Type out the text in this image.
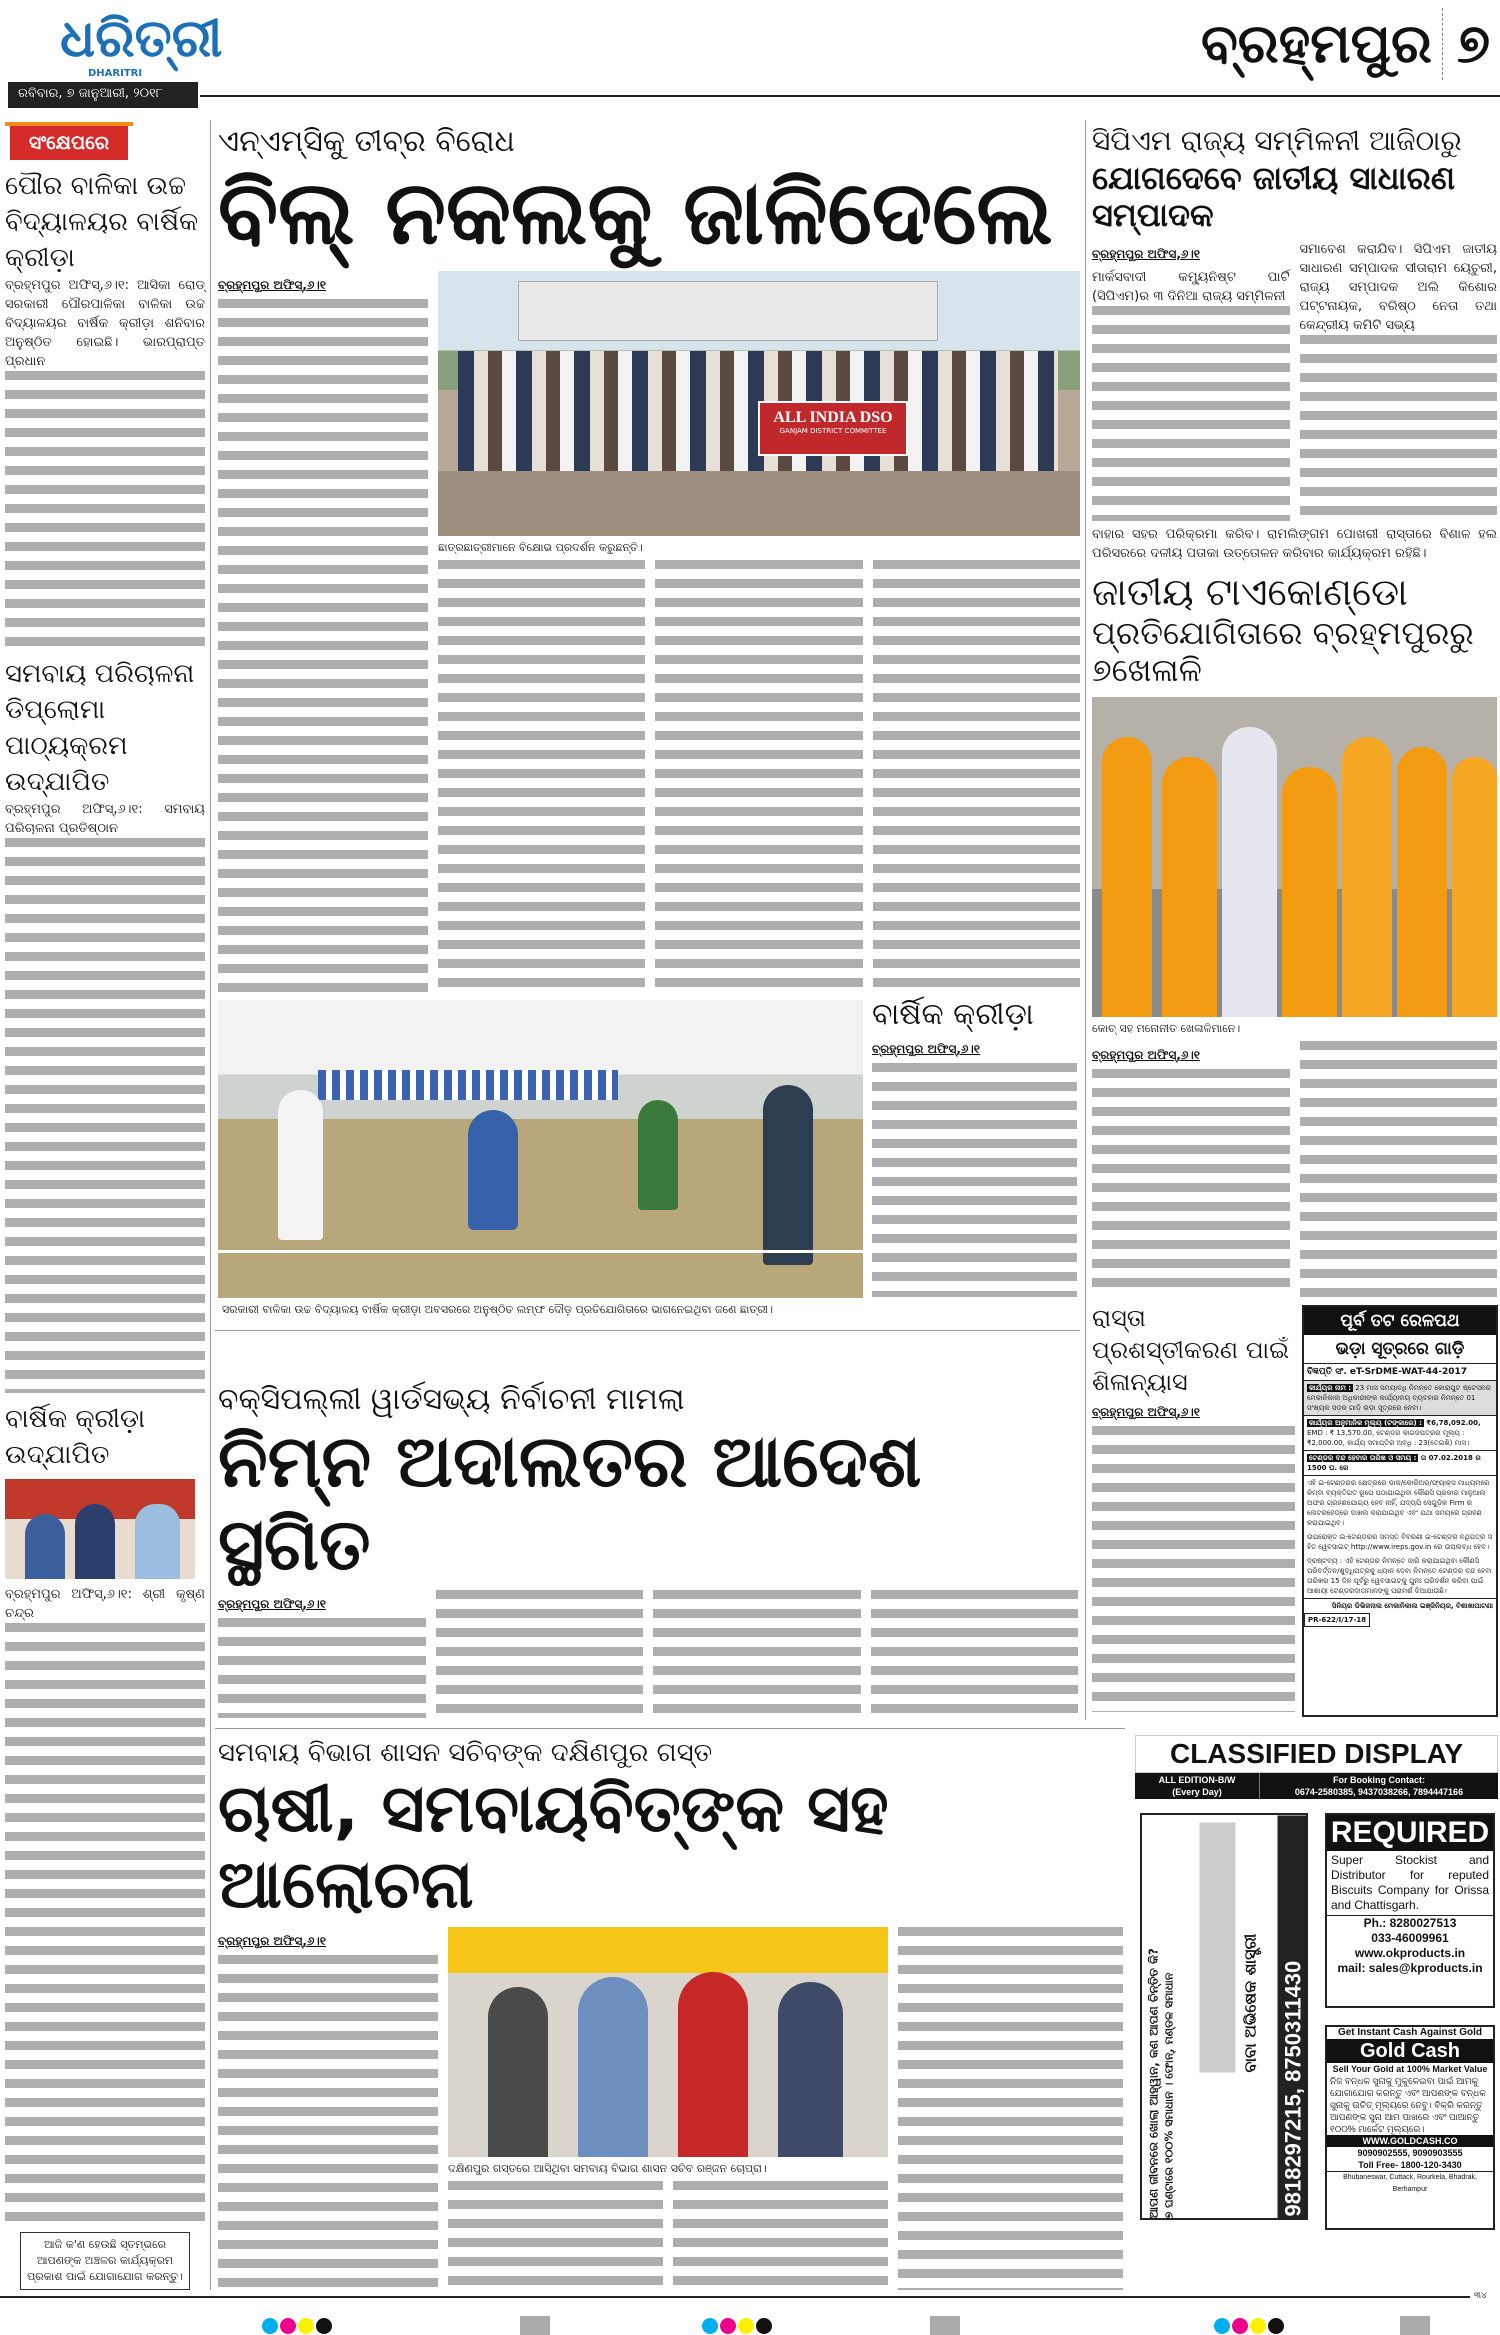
ଧରିତ୍ରୀ
DHARITRI
ରବିବାର, ୭ ଜାନୁଆରୀ, ୨୦୧୮
ବ୍ରହ୍ମପୁର ୭
ସଂକ୍ଷେପରେ
ପୌର ବାଳିକା ଉଚ୍ଚ ବିଦ୍ୟାଳୟର ବାର୍ଷିକ କ୍ରୀଡ଼ା
ବ୍ରହ୍ମପୁର ଅଫିସ୍,୬।୧: ଆସିକା ରୋଡ୍ ସରକାରୀ ପୌରପାଳିକା ବାଳିକା ଉଚ୍ଚ ବିଦ୍ୟାଳୟର ବାର୍ଷିକ କ୍ରୀଡ଼ା ଶନିବାର ଅନୁଷ୍ଠିତ ହୋଇଛି। ଭାରପ୍ରାପ୍ତ ପ୍ରଧାନ
ସମବାୟ ପରିଚାଳନା ଡିପ୍ଲୋମା ପାଠ୍ୟକ୍ରମ ଉଦ୍‌ଯାପିତ
ବ୍ରହ୍ମପୁର ଅଫିସ୍,୬।୧: ସମବାୟ ପରିଚାଳନା ପ୍ରତିଷ୍ଠାନ
ବାର୍ଷିକ କ୍ରୀଡ଼ା ଉଦ୍‌ଯାପିତ
ବ୍ରହ୍ମପୁର ଅଫିସ୍,୬।୧: ଶ୍ରୀ କୃଷ୍ଣ ଚନ୍ଦ୍ର
ଆଜି କ'ଣ ହେଉଛି ସ୍ତମ୍ଭରେ ଆପଣଙ୍କ ଅଞ୍ଚଳର କାର୍ଯ୍ୟକ୍ରମ ପ୍ରକାଶ ପାଇଁ ଯୋଗାଯୋଗ କରନ୍ତୁ।
ଏନ୍‌ଏମ୍‌ସିକୁ ତୀବ୍ର ବିରୋଧ
ବିଲ୍ ନକଲକୁ ଜାଳିଦେଲେ
ବ୍ରହ୍ମପୁର ଅଫିସ୍,୬।୧
ALL INDIA DSO
GANJAM DISTRICT COMMITTEE
ଛାତ୍ରଛାତ୍ରୀମାନେ ବିକ୍ଷୋଭ ପ୍ରଦର୍ଶନ କରୁଛନ୍ତି।
ସରକାରୀ ବାଳିକା ଉଚ୍ଚ ବିଦ୍ୟାଳୟ ବାର୍ଷିକ କ୍ରୀଡ଼ା ଅବସରରେ ଅନୁଷ୍ଠିତ ଲମ୍ଫ ଦୌଡ଼ ପ୍ରତିଯୋଗିତାରେ ଭାଗନେଇଥିବା ଜଣେ ଛାତ୍ରୀ।
ବାର୍ଷିକ କ୍ରୀଡ଼ା
ବ୍ରହ୍ମପୁର ଅଫିସ୍,୬।୧
ବକ୍ସିପଲ୍ଲୀ ୱାର୍ଡସଭ୍ୟ ନିର୍ବାଚନୀ ମାମଲା
ନିମ୍ନ ଅଦାଲତର ଆଦେଶ ସ୍ଥଗିତ
ବ୍ରହ୍ମପୁର ଅଫିସ୍,୬।୧
ସମବାୟ ବିଭାଗ ଶାସନ ସଚିବଙ୍କ ଦକ୍ଷିଣପୁର ଗସ୍ତ
ଚାଷୀ, ସମବାୟବିତ୍‌ଙ୍କ ସହ ଆଲୋଚନା
ବ୍ରହ୍ମପୁର ଅଫିସ୍,୬।୧
ଦକ୍ଷିଣପୁର ଗସ୍ତରେ ଆସିଥିବା ସମବାୟ ବିଭାଗ ଶାସନ ସଚିବ ରଞ୍ଜନ ଚୋପ୍ରା।
ସିପିଏମ ରାଜ୍ୟ ସମ୍ମିଳନୀ ଆଜିଠାରୁ
ଯୋଗଦେବେ ଜାତୀୟ ସାଧାରଣ ସମ୍ପାଦକ
ବ୍ରହ୍ମପୁର ଅଫିସ,୬।୧
ମାର୍କସବାଦୀ କମ୍ୟୁନିଷ୍ଟ ପାର୍ଟି (ସିପିଏମ)ର ୩ ଦିନିଆ ରାଜ୍ୟ ସମ୍ମିଳନୀ
ସମାବେଶ କରାଯିବ। ସିପିଏମ ଜାତୀୟ ସାଧାରଣ ସମ୍ପାଦକ ସୀତାରାମ ୟେଚୁରୀ, ରାଜ୍ୟ ସମ୍ପାଦକ ଅଲି କିଶୋର ପଟ୍ଟନାୟକ, ବରିଷ୍ଠ ନେତା ତଥା କେନ୍ଦ୍ରୀୟ କମିଟି ସଭ୍ୟ
ବାହାର ସହର ପରିକ୍ରମା କରିବ। ରାମଲିଙ୍ଗମ ପୋଖରୀ ରାସ୍ତାରେ ବିଶାଳ ହଲ ପରିସରରେ ଦଳୀୟ ପତାକା ଉତ୍ତୋଳନ କରିବାର କାର୍ଯ୍ୟକ୍ରମ ରହିଛି।
ଜାତୀୟ ଟାଏକୋଣ୍ଡୋ
ପ୍ରତିଯୋଗିତାରେ ବ୍ରହ୍ମପୁରରୁ ୭ଖେଳାଳି
କୋଚ୍ ସହ ମନୋନୀତ ଖେଳାଳିମାନେ।
ବ୍ରହ୍ମପୁର ଅଫିସ୍,୬।୧
ରାସ୍ତା ପ୍ରଶସ୍ତୀକରଣ ପାଇଁ ଶିଳାନ୍ୟାସ
ବ୍ରହ୍ମପୁର ଅଫିସ୍,୬।୧
ପୂର୍ବ ତଟ ରେଳପଥ
ଭଡ଼ା ସୂତ୍ରରେ ଗାଡ଼ି
ବିଜ୍ଞପ୍ତି ସଂ. eT-SrDME-WAT-44-2017
କାର୍ଯ୍ୟର ନାମ : 23 ମାସ ସମୟାବଧି ନିମନ୍ତେ କୋରାପୁଟ ଷ୍ଟେସନର ମେକାନିକାଲ ଅଧିକାରୀଙ୍କ କାର୍ଯ୍ୟାଳୟ ବ୍ୟବହାର ନିମନ୍ତେ 01 ସଂଖ୍ୟକ ସଡ଼କ ଗାଡ଼ି ଭଡ଼ା ସୂତ୍ରରେ ନେବା।
କାର୍ଯ୍ୟର ଅନୁମାନିକ ମୂଲ୍ୟ (ଟଙ୍କାରେ) : ₹6,78,092.00,
EMD : ₹ 13,570.00, ଟେଣ୍ଡର କାଗଜପତ୍ରର ମୂଲ୍ୟ : ₹2,000.00, କାର୍ଯ୍ୟ ସମାପ୍ତିର ଅବଧି : 23(ତେଇଶି) ମାସ।
ଟେଣ୍ଡର ବନ୍ଦ ହେବାର ତାରିଖ ଓ ସମୟ : ତା 07.02.2018 ର 1500 ଘ. ରେ
ଏହି ଇ-ଟେଣ୍ଡରର କ୍ଷେତ୍ରରେ ଡାକ/କୋରିଅର/ଫ୍ୟାକ୍ସ ମାଧ୍ୟମରେ କିମ୍ବା ବ୍ୟକ୍ତିଗତ ରୂପେ ପଠାଯାଇଥିବା କୌଣସି ପ୍ରକାର ମାନୁଆଲ ଅଫର ଗ୍ରହଣଯୋଗ୍ୟ ହେବ ନାହିଁ, ଯଦ୍ୟପି ସେଗୁଡ଼ିକ Firm ର ଲେଟରହେଡ୍‌ରେ ଦାଖଲ କରାଯାଇଥିବ ଏବଂ ଯଥା ସମୟରେ ଗ୍ରହଣ କରାଯାଇଥିବ।
ଉପରୋକ୍ତ ଇ-ଟେଣ୍ଡରର ସମସ୍ତ ବିବରଣୀ ଇ-ଟେଣ୍ଡର ନଥିପତ୍ର ସହିତ ୱେବସାଇଟ୍ http://www.ireps.gov.in ରେ ଉପଲବ୍ଧ ହେବ।
ଦ୍ରଷ୍ଟବ୍ୟ : ଏହି ଟେଣ୍ଡର ନିମନ୍ତେ ଜାରି କରାଯାଇଥିବା କୌଣସି ପରିବର୍ତ୍ତନ/ଶୁଦ୍ଧିପତ୍ରକୁ ଧ୍ୟାନ ଦେବା ନିମନ୍ତେ ଟେଣ୍ଡର ବନ୍ଦ ହେବା ତାରିଖର 15 ଦିନ ପୂର୍ବରୁ ୱେବସାଇଟ୍‌କୁ ପୁନଃ ପରିଦର୍ଶନ କରିବା ପାଇଁ ଆଶାୟୀ ଟେଣ୍ଡରଦାତାମାନଙ୍କୁ ପରାମର୍ଶ ଦିଆଯାଉଛି।
ସିନିୟର ଡିଭିଜନାଲ ମେକାନିକାଲ ଇଞ୍ଜିନିୟର, ବିଶାଖାପାଟଣା
PR-622/I/17-18
CLASSIFIED DISPLAY
ALL EDITION-B/W
(Every Day)
For Booking Contact:
0674-2580385, 9437038266, 7894447166
ଆପଣ ଜୀବନରେ ଖୋଲା ଆହ୍ୱାନ, କଣ ଆପଣ ଚିନ୍ତିତ କି? ୭ ଘଣ୍ଟାରେ ୧୦୦% ସମାଧାନ । ଫୋନ୍, ମଣ୍ଡଳ ସମାଧାନ	ବାବା ଅଭିଷେକ ଶାସ୍ତ୍ରୀ 9818297215, 8750311430
REQUIRED
Super Stockist and Distributor for reputed Biscuits Company for Orissa and Chattisgarh.
Ph.: 8280027513
033-46009961
www.okproducts.in
mail: sales@kproducts.in
Get Instant Cash Against Gold
Gold Cash
Sell Your Gold at 100% Market Value
ନିଜ ବନ୍ଧକ ସୁନାକୁ ମୁକୁଳେଇବା ପାଇଁ ଆମକୁ ଯୋଗାଯୋଗ କରନ୍ତୁ ଏବଂ ଆପଣଙ୍କ ବନ୍ଧକ ସୁନାକୁ ଉଚିତ୍ ମୂଲ୍ୟରେ ନେବୁ। ବିକ୍ରି କରନ୍ତୁ ଆପଣଙ୍କ ସୁନା ଆମ ପାଖରେ ଏବଂ ପାଆନ୍ତୁ ୧୦୦% ମାର୍କେଟ ମୂଲ୍ୟରେ।
WWW.GOLDCASH.CO
9090902555, 9090903555
Toll Free- 1800-120-3430
Bhubaneswar, Cuttack, Rourkela, Bhadrak, Berhampur
୩୪
